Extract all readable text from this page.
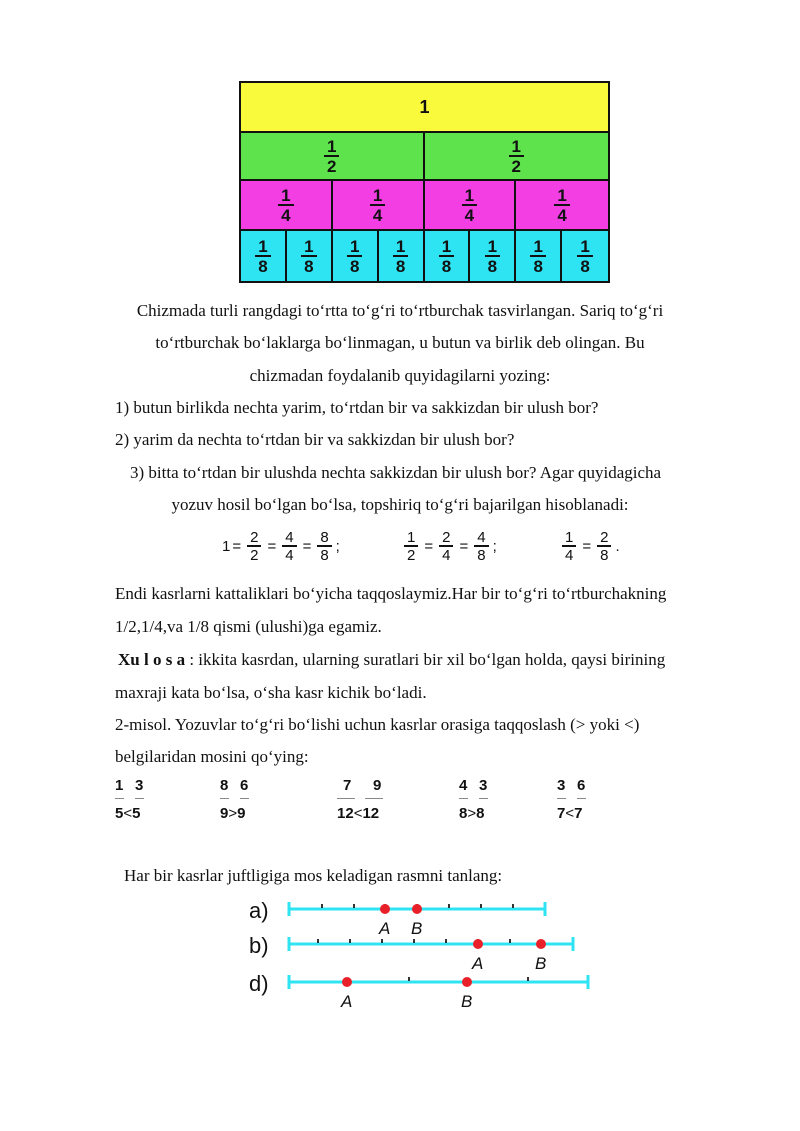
1
$\frac{1}{2}$	$\frac{1}{2}$
$\frac{1}{4}$	$\frac{1}{4}$	$\frac{1}{4}$	$\frac{1}{4}$
$\frac{1}{8} \frac{1}{8} \frac{1}{8} \frac{1}{8} \frac{1}{8} \frac{1}{8} \frac{1}{8} \frac{1}{8}$
Chizmada turli rangdagi to‘rtta to‘g‘ri to‘rtburchak tasvirlangan. Sariq to‘g‘ri
to‘rtburchak bo‘laklarga bo‘linmagan, u butun va birlik deb olingan. Bu
chizmadan foydalanib quyidagilarni yozing:
1) butun birlikda nechta yarim, to‘rtdan bir va sakkizdan bir ulush bor?
2) yarim da nechta to‘rtdan bir va sakkizdan bir ulush bor?
3) bitta to‘rtdan bir ulushda nechta sakkizdan bir ulush bor? Agar quyidagicha
yozuv hosil bo‘lgan bo‘lsa, topshiriq to‘g‘ri bajarilgan hisoblanadi:
$1 = \frac{2}{2} = \frac{4}{4} = \frac{8}{8}$ ;	$\frac{1}{2} = \frac{2}{4} = \frac{4}{8}$ ;	$\frac{1}{4} = \frac{2}{8}$ .
Endi kasrlarni kattaliklari bo‘yicha taqqoslaymiz.Har bir to‘g‘ri to‘rtburchakning
1/2,1/4,va 1/8 qismi (ulushi)ga egamiz.
Xu l o s a : ikkita kasrdan, ularning suratlari bir xil bo‘lgan holda, qaysi birining
maxraji kata bo‘lsa, o‘sha kasr kichik bo‘ladi.
2-misol. Yozuvlar to‘g‘ri bo‘lishi uchun kasrlar orasiga taqqoslash (> yoki <)
belgilaridan mosini qo‘ying:
1 3
5<5
8 6
9>9
7 9
12<12
4 3
8>8
3 6
7<7
Har bir kasrlar juftligiga mos keladigan rasmni tanlang:
a)
A B
b)
A	B
d)
A	B
